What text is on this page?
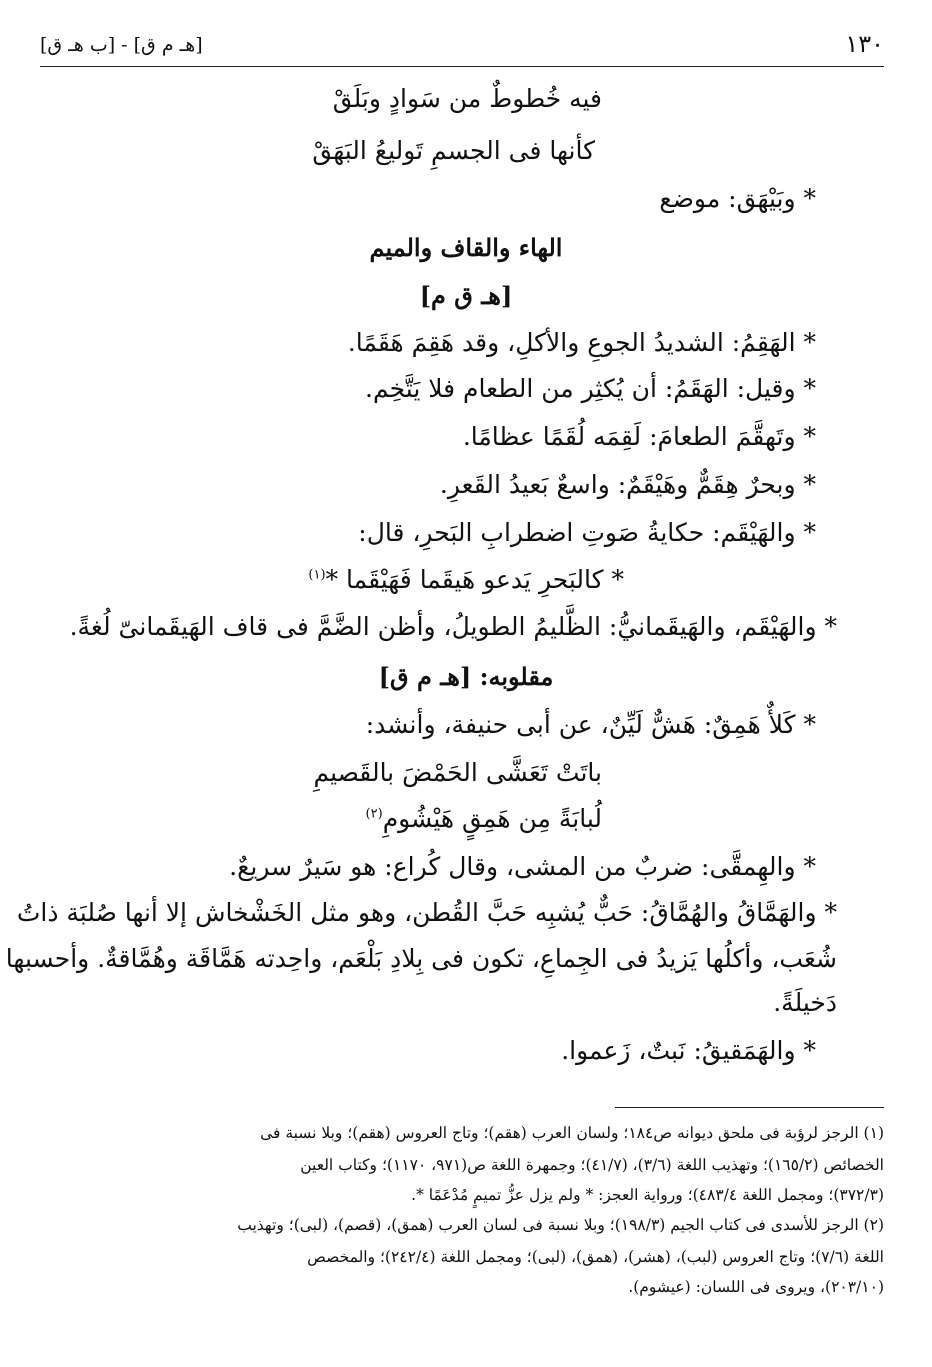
١٣٠
[ب هـ ق] - [هـ م ق]
فيه خُطوطٌ من سَوادٍ وبَلَقْ
كأنها فى الجسمِ تَوليعُ البَهَقْ
* وبَيْهَق: موضع
الهاء والقاف والميم
[هـ ق م]
* الهَقِمُ: الشديدُ الجوعِ والأكلِ، وقد هَقِمَ هَقَمًا.
* وقيل: الهَقَمُ: أن يُكثِر من الطعام فلا يَتَّخِم.
* وتَهقَّمَ الطعامَ: لَقِمَه لُقَمًا عظامًا.
* وبحرٌ هِقَمٌّ وهَيْقَمٌ: واسعٌ بَعيدُ القَعرِ.
* والهَيْقَم: حكايةُ صَوتِ اضطرابِ البَحرِ، قال:
* كالبَحرِ يَدعو هَيقَما فَهَيْقَما *$^{(١)}$
* والهَيْقَم، والهَيقَمانيُّ: الظَّليمُ الطويلُ، وأظن الضَّمَّ فى قاف الهَيقَمانىّ لُغةً.
مقلوبه: [هـ م ق]
* كَلأٌ هَمِقٌ: هَشٌّ لَيِّنٌ، عن أبى حنيفة، وأنشد:
باتَتْ تَعَشَّى الحَمْضَ بالقَصيمِ
لُبابَةً مِن هَمِقٍ هَيْشُومِ$^{(٢)}$
* والهِمقَّى: ضربٌ من المشى، وقال كُراع: هو سَيرٌ سريعٌ.
* والهَمَّاقُ والهُمَّاقُ: حَبٌّ يُشبِه حَبَّ القُطن، وهو مثل الخَشْخاش إلا أنها صُلبَة ذاتُ
شُعَب، وأكلُها يَزيدُ فى الجِماعِ، تكون فى بِلادِ بَلْعَم، واحِدته هَمَّاقَة وهُمَّاقةٌ. وأحسبها
دَخيلَةً.
* والهَمَقيقُ: نَبتٌ، زَعموا.
(١) الرجز لرؤبة فى ملحق ديوانه ص١٨٤؛ ولسان العرب (هقم)؛ وتاج العروس (هقم)؛ وبلا نسبة فى
الخصائص (١٦٥/٢)؛ وتهذيب اللغة (٣/٦)، (٤١/٧)؛ وجمهرة اللغة ص(٩٧١، ١١٧٠)؛ وكتاب العين
(٣٧٢/٣)؛ ومجمل اللغة ٤٨٣/٤)؛ ورواية العجز: * ولم يزل عزُّ تميمٍ مُدْعَمًا *.
(٢) الرجز للأسدى فى كتاب الجيم (١٩٨/٣)؛ وبلا نسبة فى لسان العرب (همق)، (قصم)، (لبى)؛ وتهذيب
اللغة (٧/٦)؛ وتاج العروس (لبب)، (هشر)، (همق)، (لبى)؛ ومجمل اللغة (٢٤٢/٤)؛ والمخصص
(٢٠٣/١٠)، ويروى فى اللسان: (عيشوم).
